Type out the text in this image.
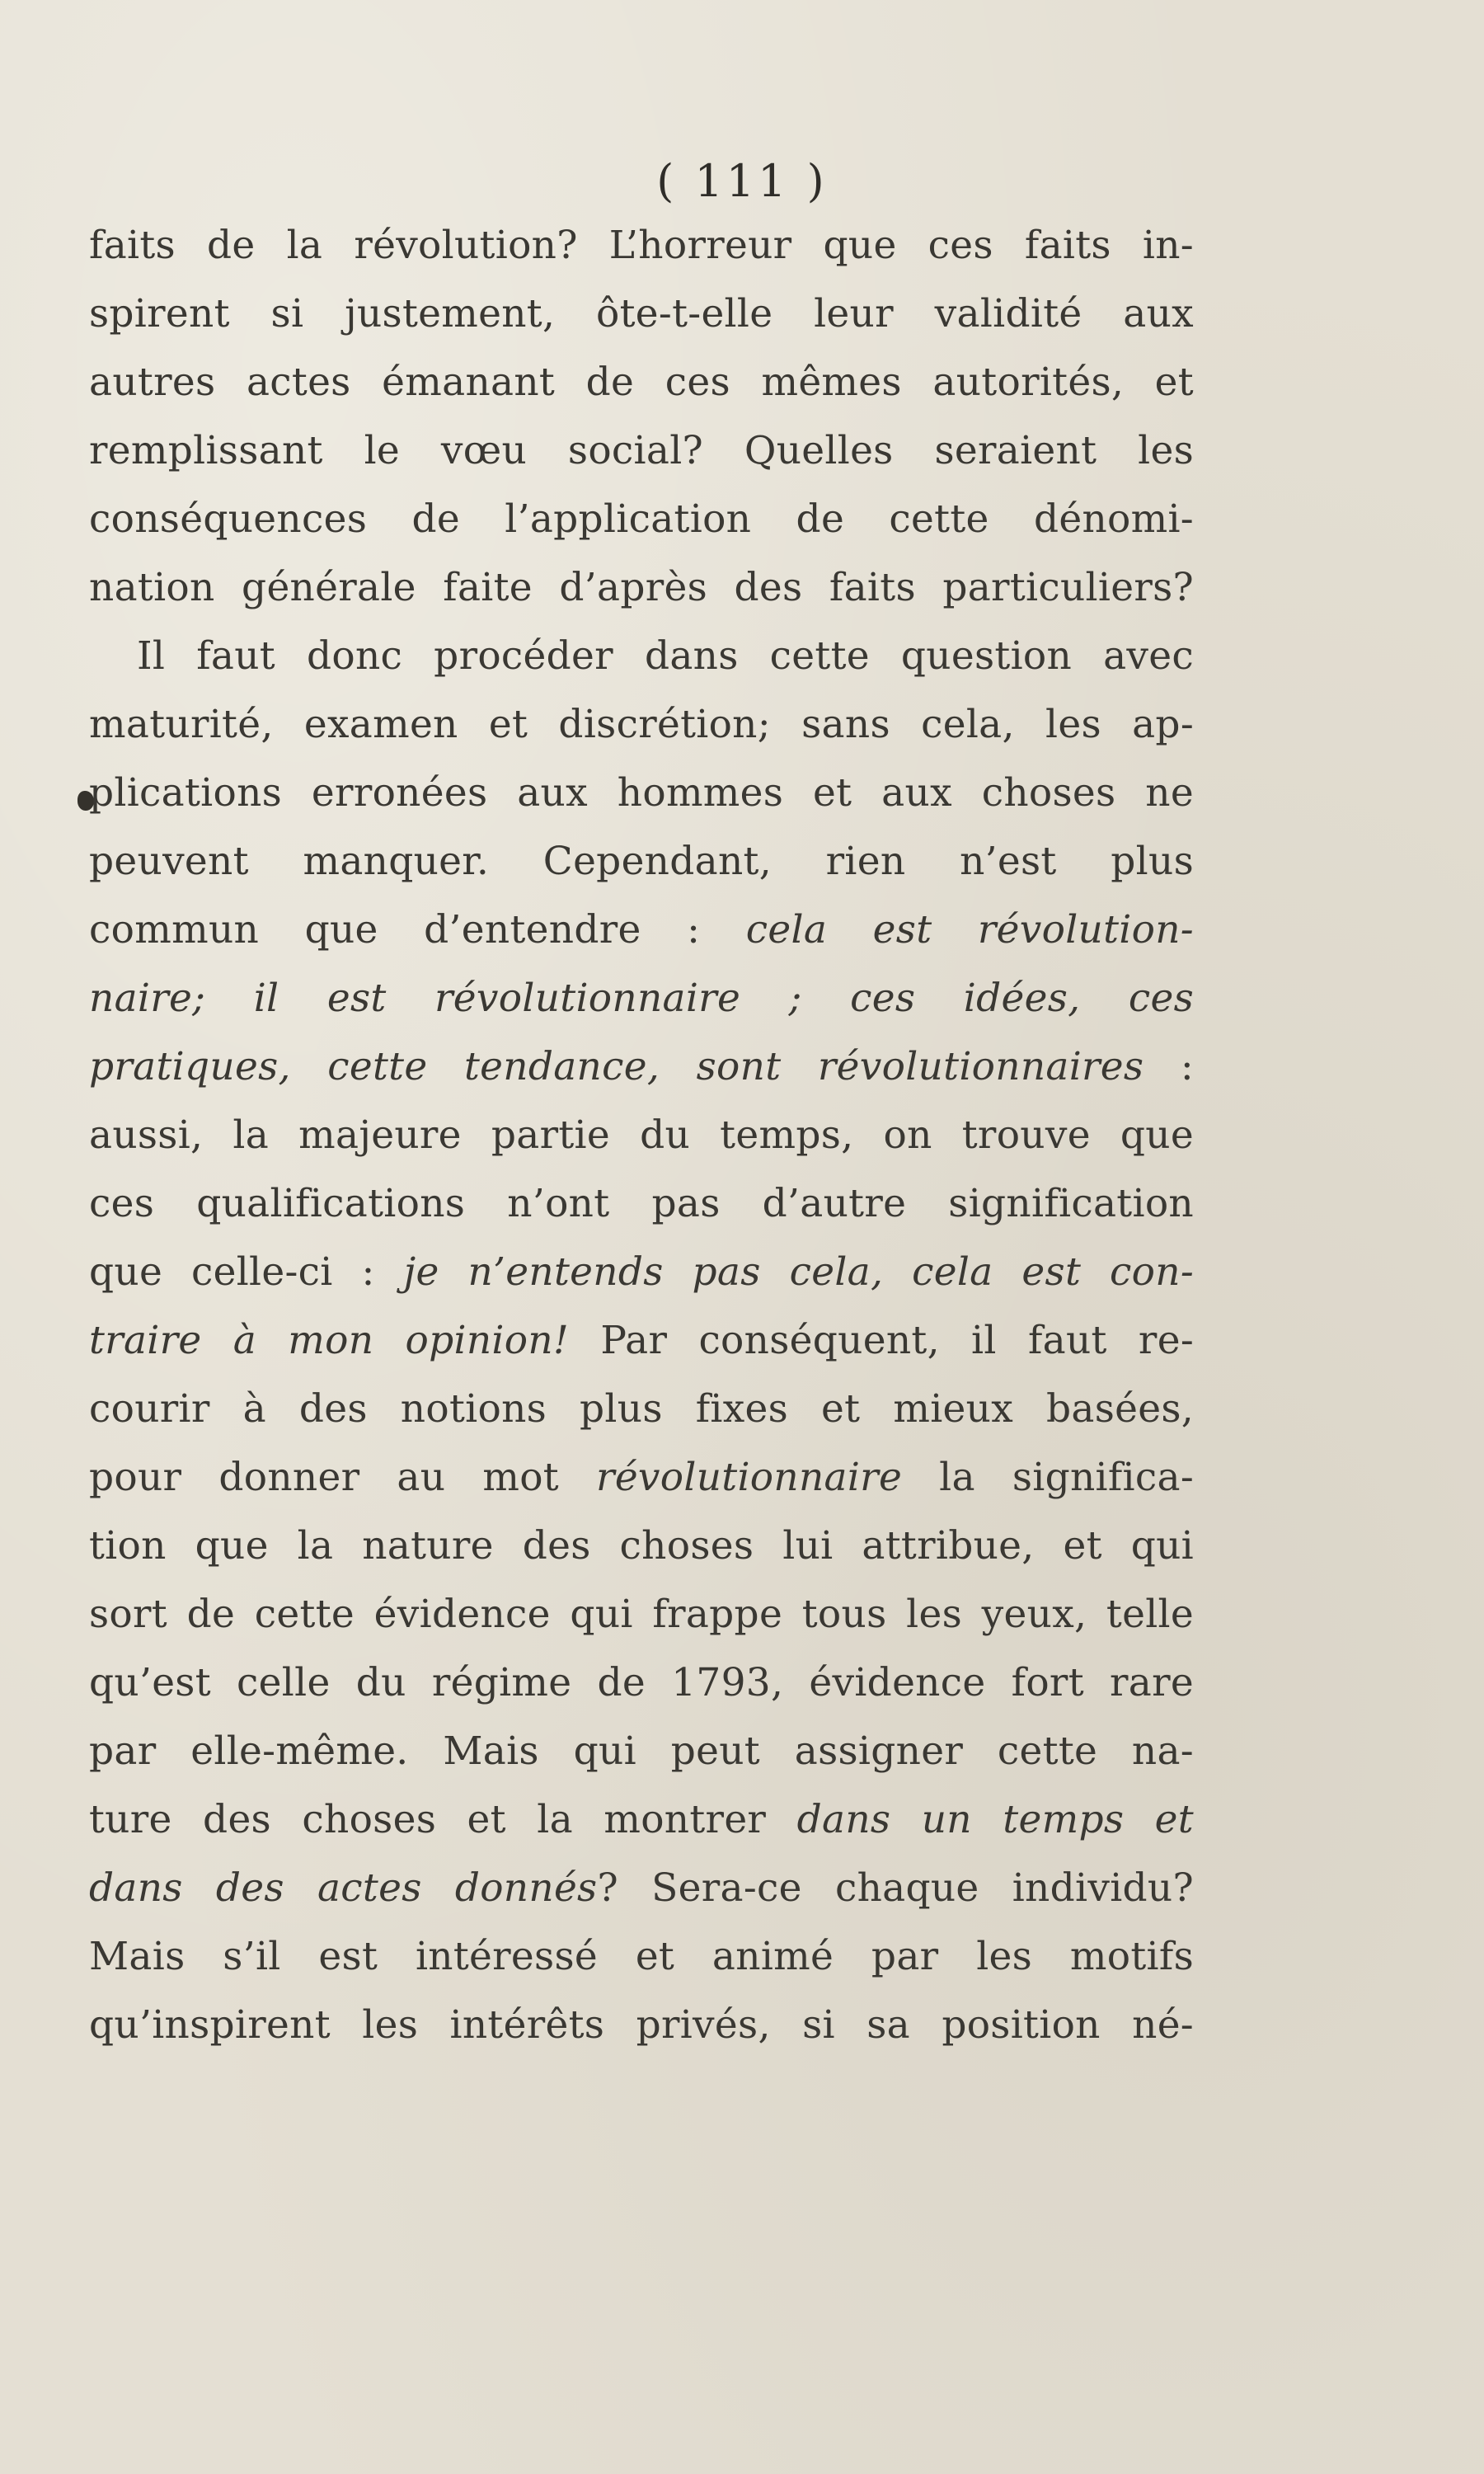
( 111 )
faits de la révolution? L’horreur que ces faits in-
spirent si justement, ôte-t-elle leur validité aux
autres actes émanant de ces mêmes autorités, et
remplissant le vœu social? Quelles seraient les
conséquences de l’application de cette dénomi-
nation générale faite d’après des faits particuliers?
Il faut donc procéder dans cette question avec
maturité, examen et discrétion; sans cela, les ap-
plications erronées aux hommes et aux choses ne
peuvent manquer. Cependant, rien n’est plus
commun que d’entendre : cela est révolution-
naire; il est révolutionnaire ; ces idées, ces
pratiques, cette tendance, sont révolutionnaires :
aussi, la majeure partie du temps, on trouve que
ces qualifications n’ont pas d’autre signification
que celle-ci : je n’entends pas cela, cela est con-
traire à mon opinion! Par conséquent, il faut re-
courir à des notions plus fixes et mieux basées,
pour donner au mot révolutionnaire la significa-
tion que la nature des choses lui attribue, et qui
sort de cette évidence qui frappe tous les yeux, telle
qu’est celle du régime de 1793, évidence fort rare
par elle-même. Mais qui peut assigner cette na-
ture des choses et la montrer dans un temps et
dans des actes donnés? Sera-ce chaque individu?
Mais s’il est intéressé et animé par les motifs
qu’inspirent les intérêts privés, si sa position né-
